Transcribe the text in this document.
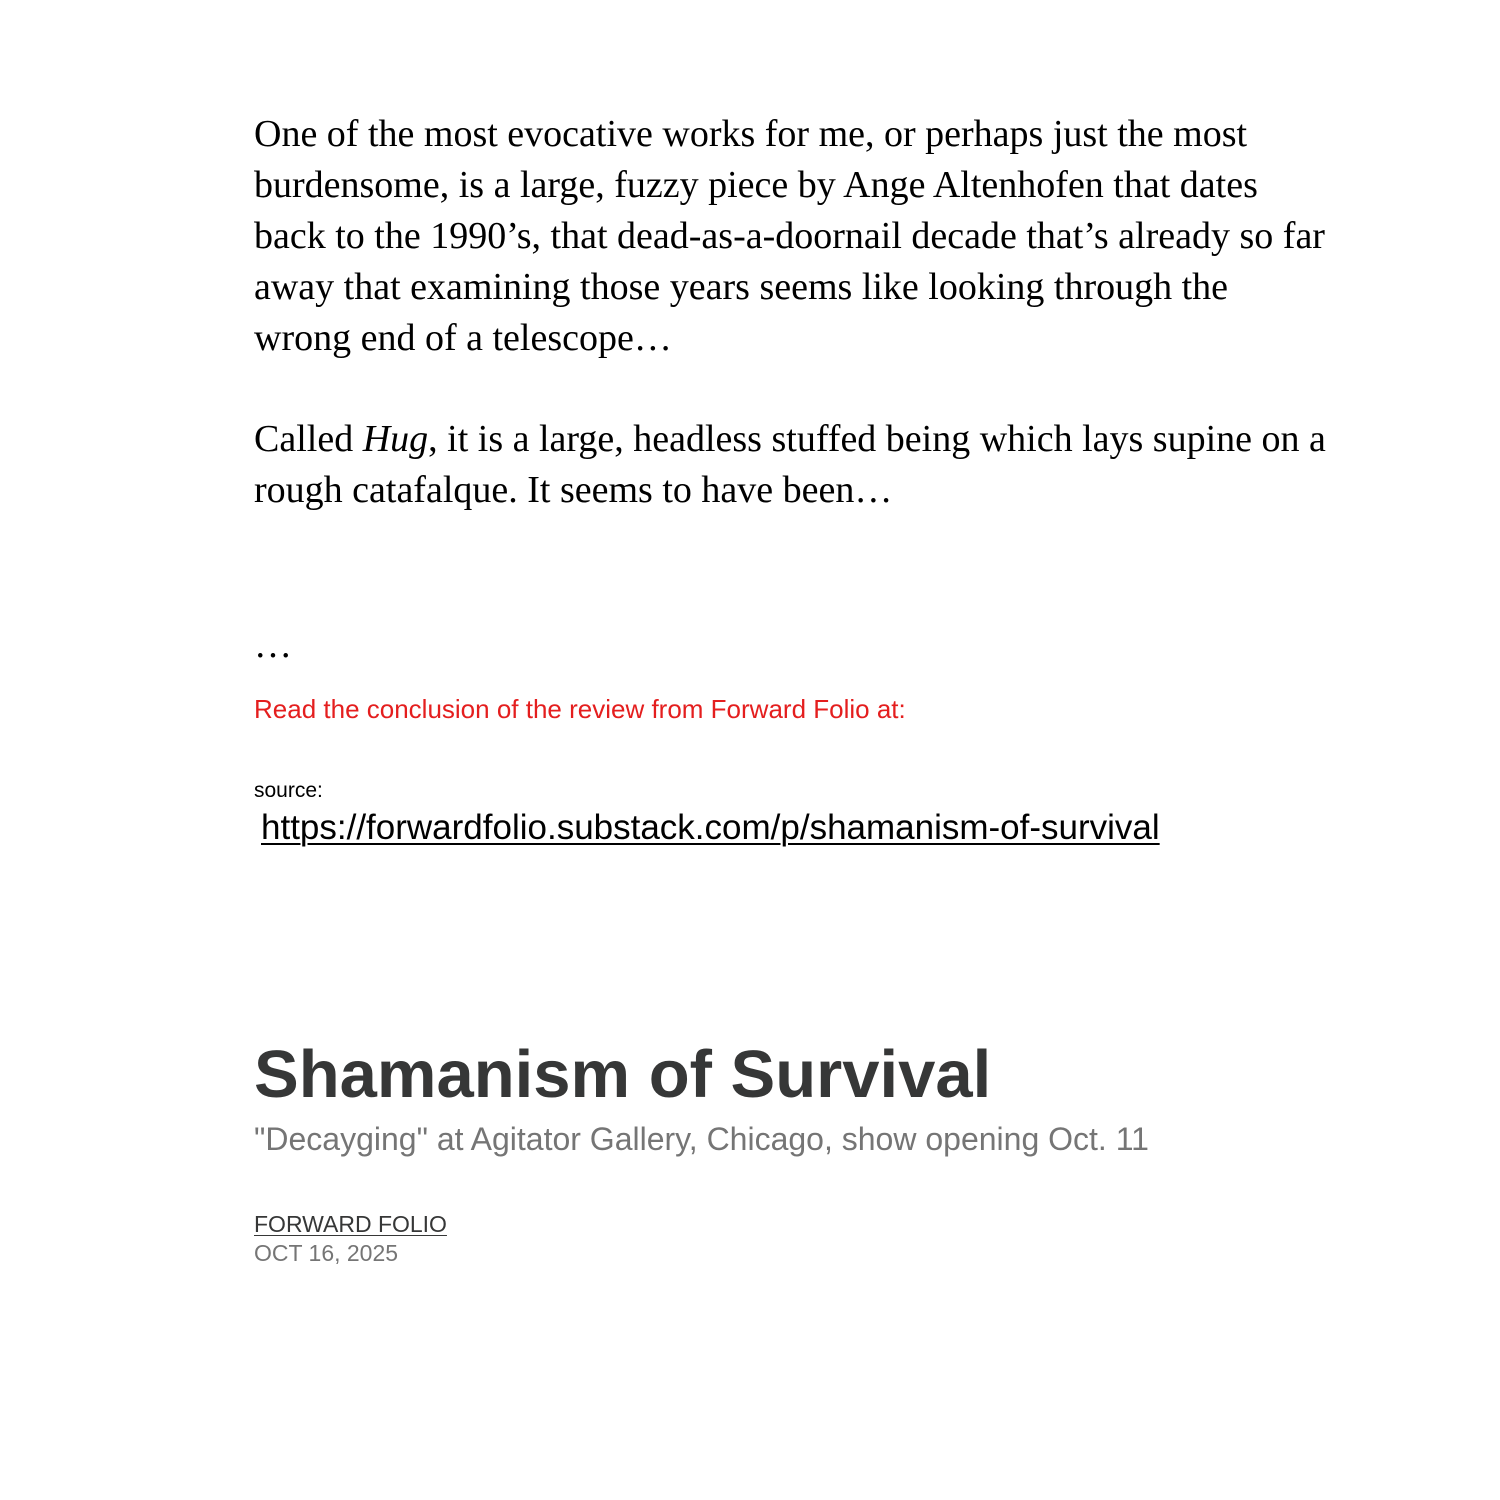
One of the most evocative works for me, or perhaps just the most burdensome, is a large, fuzzy piece by Ange Altenhofen that dates back to the 1990’s, that dead-as-a-doornail decade that’s already so far away that examining those years seems like looking through the wrong end of a telescope…

Called Hug, it is a large, headless stuffed being which lays supine on a rough catafalque. It seems to have been…

…

Read the conclusion of the review from Forward Folio at:

source:

https://forwardfolio.substack.com/p/shamanism-of-survival
Shamanism of Survival

"Decayging" at Agitator Gallery, Chicago, show opening Oct. 11

FORWARD FOLIO

OCT 16, 2025
